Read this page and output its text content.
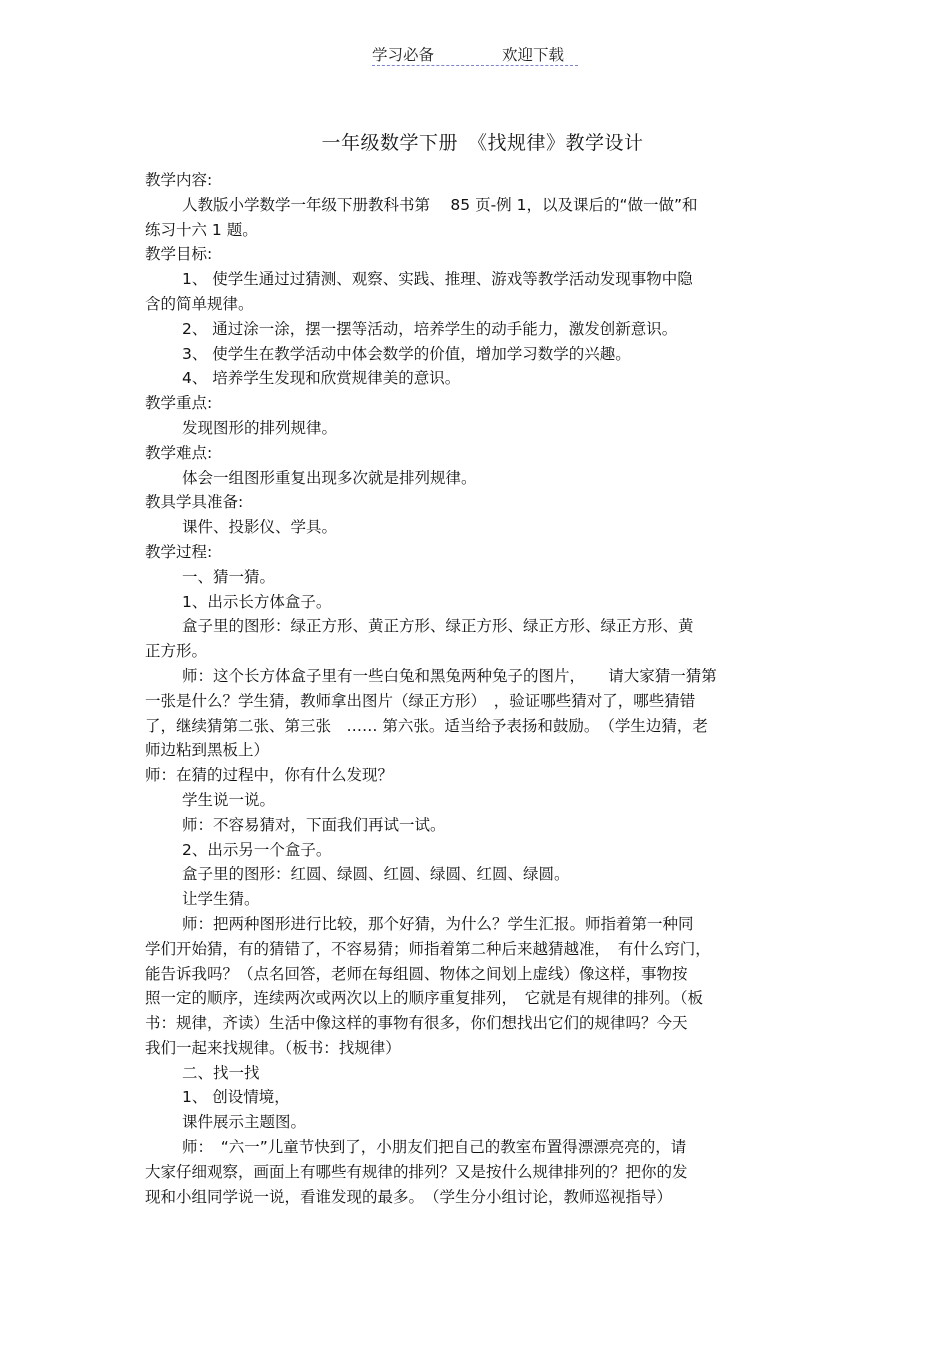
学习必备	欢迎下载
一年级数学下册　《找规律》教学设计

教学内容:

人教版小学数学一年级下册教科书第　 85 页-例 1，以及课后的“做一做”和

练习十六 1 题。

教学目标:

1、 使学生通过过猜测、观察、实践、推理、游戏等教学活动发现事物中隐

含的简单规律。

2、 通过涂一涂，摆一摆等活动，培养学生的动手能力，激发创新意识。

3、 使学生在教学活动中体会数学的价值，增加学习数学的兴趣。

4、 培养学生发现和欣赏规律美的意识。

教学重点:

发现图形的排列规律。

教学难点:

体会一组图形重复出现多次就是排列规律。

教具学具准备:

课件、投影仪、学具。

教学过程:

一、猜一猜。

1、出示长方体盒子。

盒子里的图形：绿正方形、黄正方形、绿正方形、绿正方形、绿正方形、黄

正方形。

师：这个长方体盒子里有一些白兔和黑兔两种兔子的图片，　　请大家猜一猜第

一张是什么？学生猜，教师拿出图片（绿正方形）　，验证哪些猜对了，哪些猜错

了，继续猜第二张、第三张　…… 第六张。适当给予表扬和鼓励。　（学生边猜，老

师边粘到黑板上）

师：在猜的过程中，你有什么发现？

学生说一说。

师：不容易猜对，下面我们再试一试。

2、出示另一个盒子。

盒子里的图形：红圆、绿圆、红圆、绿圆、红圆、绿圆。

让学生猜。

师：把两种图形进行比较，那个好猜，为什么？学生汇报。师指着第一种同

学们开始猜，有的猜错了，不容易猜；师指着第二种后来越猜越准，　有什么窍门，

能告诉我吗？（点名回答，老师在每组圆、物体之间划上虚线）像这样，事物按

照一定的顺序，连续两次或两次以上的顺序重复排列，　它就是有规律的排列。（板

书：规律，齐读）生活中像这样的事物有很多，你们想找出它们的规律吗？今天

我们一起来找规律。（板书：找规律）

二、找一找

1、 创设情境，

课件展示主题图。

师：　“六一”儿童节快到了，小朋友们把自己的教室布置得漂漂亮亮的，请

大家仔细观察，画面上有哪些有规律的排列？又是按什么规律排列的？把你的发

现和小组同学说一说，看谁发现的最多。　（学生分小组讨论，教师巡视指导）
